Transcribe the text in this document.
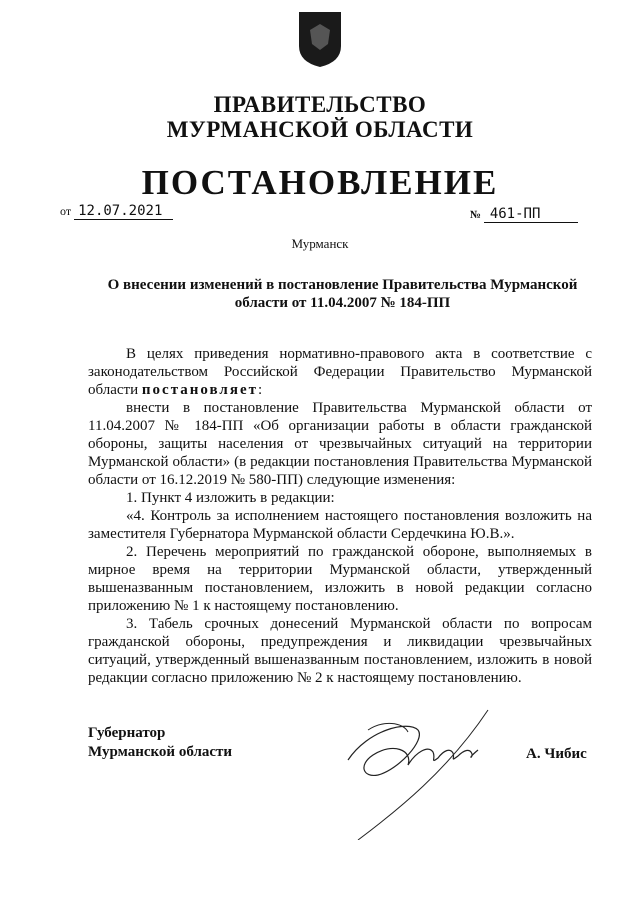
ПРАВИТЕЛЬСТВО
МУРМАНСКОЙ ОБЛАСТИ
ПОСТАНОВЛЕНИЕ
от 12.07.2021	№ 461-ПП
Мурманск
О внесении изменений в постановление Правительства Мурманской
области от 11.04.2007 № 184-ПП

В целях приведения нормативно-правового акта в соответствие с законодательством Российской Федерации Правительство Мурманской области постановляет:

внести в постановление Правительства Мурманской области от 11.04.2007 № 184-ПП «Об организации работы в области гражданской обороны, защиты населения от чрезвычайных ситуаций на территории Мурманской области» (в редакции постановления Правительства Мурманской области от 16.12.2019 № 580-ПП) следующие изменения:

1. Пункт 4 изложить в редакции:

«4. Контроль за исполнением настоящего постановления возложить на заместителя Губернатора Мурманской области Сердечкина Ю.В.».

2. Перечень мероприятий по гражданской обороне, выполняемых в мирное время на территории Мурманской области, утвержденный вышеназванным постановлением, изложить в новой редакции согласно приложению № 1 к настоящему постановлению.

3. Табель срочных донесений Мурманской области по вопросам гражданской обороны, предупреждения и ликвидации чрезвычайных ситуаций, утвержденный вышеназванным постановлением, изложить в новой редакции согласно приложению № 2 к настоящему постановлению.

Губернатор
Мурманской области	А. Чибис
